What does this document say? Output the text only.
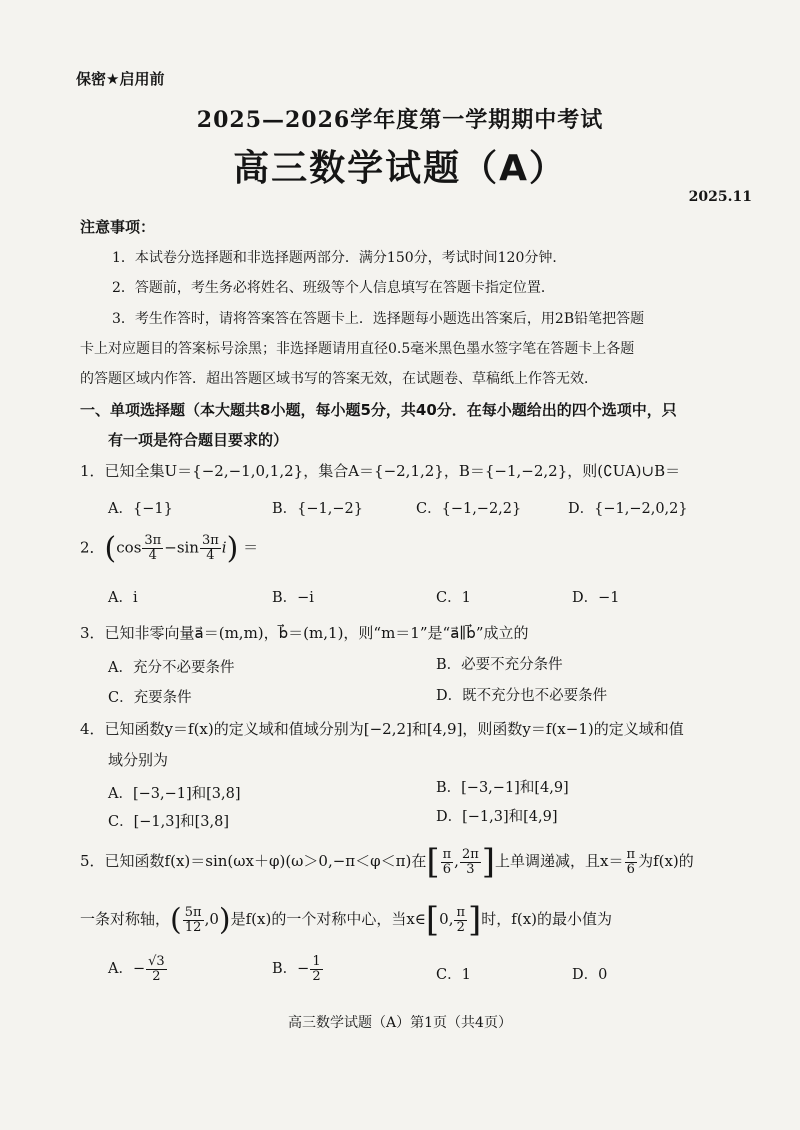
保密★启用前
2025—2026学年度第一学期期中考试
高三数学试题（A）
2025.11
注意事项：
1．本试卷分选择题和非选择题两部分．满分150分，考试时间120分钟．
2．答题前，考生务必将姓名、班级等个人信息填写在答题卡指定位置．
3．考生作答时，请将答案答在答题卡上．选择题每小题选出答案后，用2B铅笔把答题
卡上对应题目的答案标号涂黑；非选择题请用直径0.5毫米黑色墨水签字笔在答题卡上各题
的答题区域内作答．超出答题区域书写的答案无效，在试题卷、草稿纸上作答无效．
一、单项选择题（本大题共8小题，每小题5分，共40分．在每小题给出的四个选项中，只
有一项是符合题目要求的）
1．已知全集U＝{−2,−1,0,1,2}，集合A＝{−2,1,2}，B＝{−1,−2,2}，则(∁UA)∪B＝
A．{−1}	B．{−1,−2}	C．{−1,−2,2}	D．{−1,−2,0,2}
2．$(\cos \frac{3\pi}{4} -\sin \frac{3\pi}{4} i)$ ＝
A．i	B．−i	C．1	D．−1
3．已知非零向量a⃗＝(m,m)，b⃗＝(m,1)，则“m＝1”是“a⃗∥b⃗”成立的
A．充分不必要条件	B．必要不充分条件
C．充要条件	D．既不充分也不必要条件
4．已知函数y＝f(x)的定义域和值域分别为[−2,2]和[4,9]，则函数y＝f(x−1)的定义域和值
域分别为
A．[−3,−1]和[3,8]	B．[−3,−1]和[4,9]
C．[−1,3]和[3,8]	D．[−1,3]和[4,9]
5．已知函数f(x)＝sin(ωx＋φ)(ω＞0,−π＜φ＜π)在[ $\frac{\pi}{6}$ , $\frac{2\pi}{3}$ ]上单调递减，且$x= \frac{\pi}{6}$ 为f(x)的
一条对称轴，( $\frac{5\pi}{12} ,0$)是f(x)的一个对称中心，当x∈[0, $\frac{\pi}{2}$ ]时，f(x)的最小值为
A．− $\frac{√3}{2}$	B．− $\frac{1}{2}$	C．1	D．0
高三数学试题（A）第1页（共4页）
